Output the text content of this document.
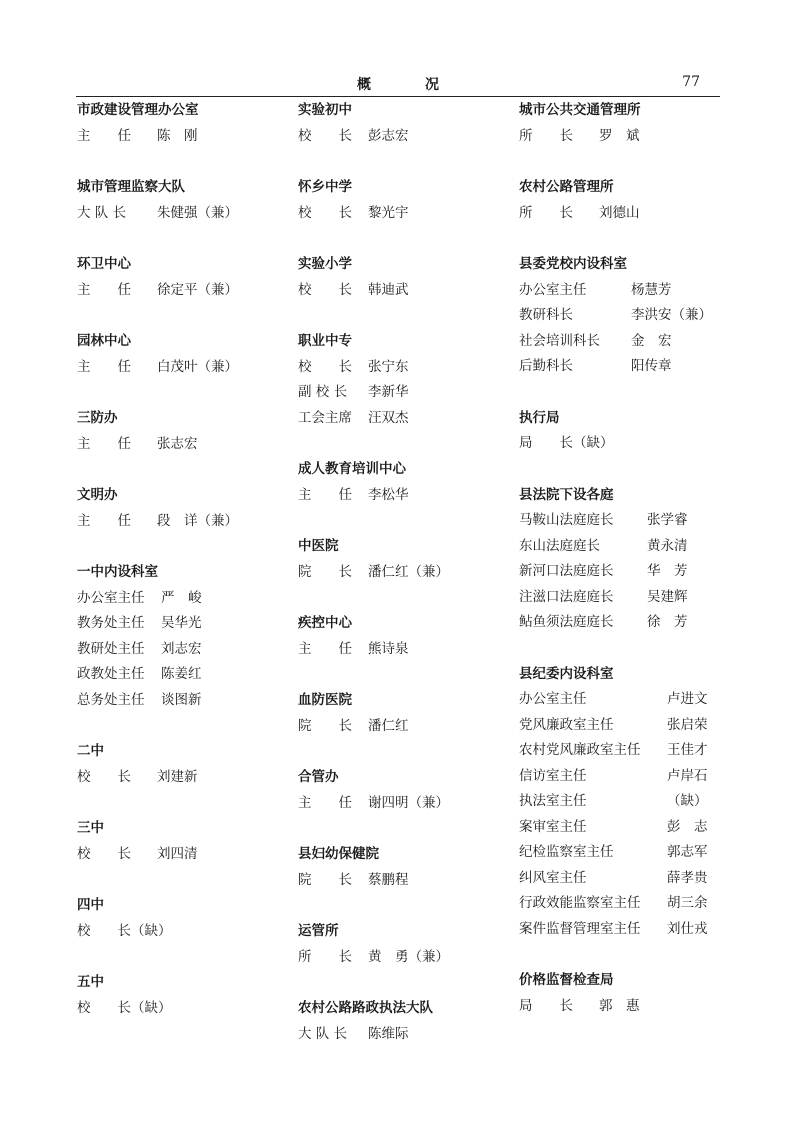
概　况	77
市政建设管理办公室
主　　任	陈　刚
城市管理监察大队
大 队 长	朱健强（兼）
环卫中心
主　　任	徐定平（兼）
园林中心
主　　任	白茂叶（兼）
三防办
主　　任	张志宏
文明办
主　　任	段　详（兼）
一中内设科室
办公室主任	严　峻
教务处主任	吴华光
教研处主任	刘志宏
政教处主任	陈姜红
总务处主任	谈图新
二中
校　　长	刘建新
三中
校　　长	刘四清
四中
校　　长（缺）
五中
校　　长（缺）
实验初中
校　　长	彭志宏
怀乡中学
校　　长	黎光宇
实验小学
校　　长	韩迪武
职业中专
校　　长	张宁东
副 校 长	李新华
工会主席	汪双杰
成人教育培训中心
主　　任	李松华
中医院
院　　长	潘仁红（兼）
疾控中心
主　　任	熊诗泉
血防医院
院　　长	潘仁红
合管办
主　　任	谢四明（兼）
县妇幼保健院
院　　长	蔡鹏程
运管所
所　　长	黄　勇（兼）
农村公路路政执法大队
大 队 长	陈维际
城市公共交通管理所
所　　长	罗　斌
农村公路管理所
所　　长	刘德山
县委党校内设科室
办公室主任	杨慧芳
教研科长	李洪安（兼）
社会培训科长	金　宏
后勤科长	阳传章
执行局
局　　长（缺）
县法院下设各庭
马鞍山法庭庭长	张学睿
东山法庭庭长	黄永清
新河口法庭庭长	华　芳
注滋口法庭庭长	吴建辉
鲇鱼须法庭庭长	徐　芳
县纪委内设科室
办公室主任	卢进文
党风廉政室主任	张启荣
农村党风廉政室主任	王佳才
信访室主任	卢岸石
执法室主任	（缺）
案审室主任	彭　志
纪检监察室主任	郭志军
纠风室主任	薛孝贵
行政效能监察室主任	胡三余
案件监督管理室主任	刘仕戎
价格监督检查局
局　　长	郭　惠
